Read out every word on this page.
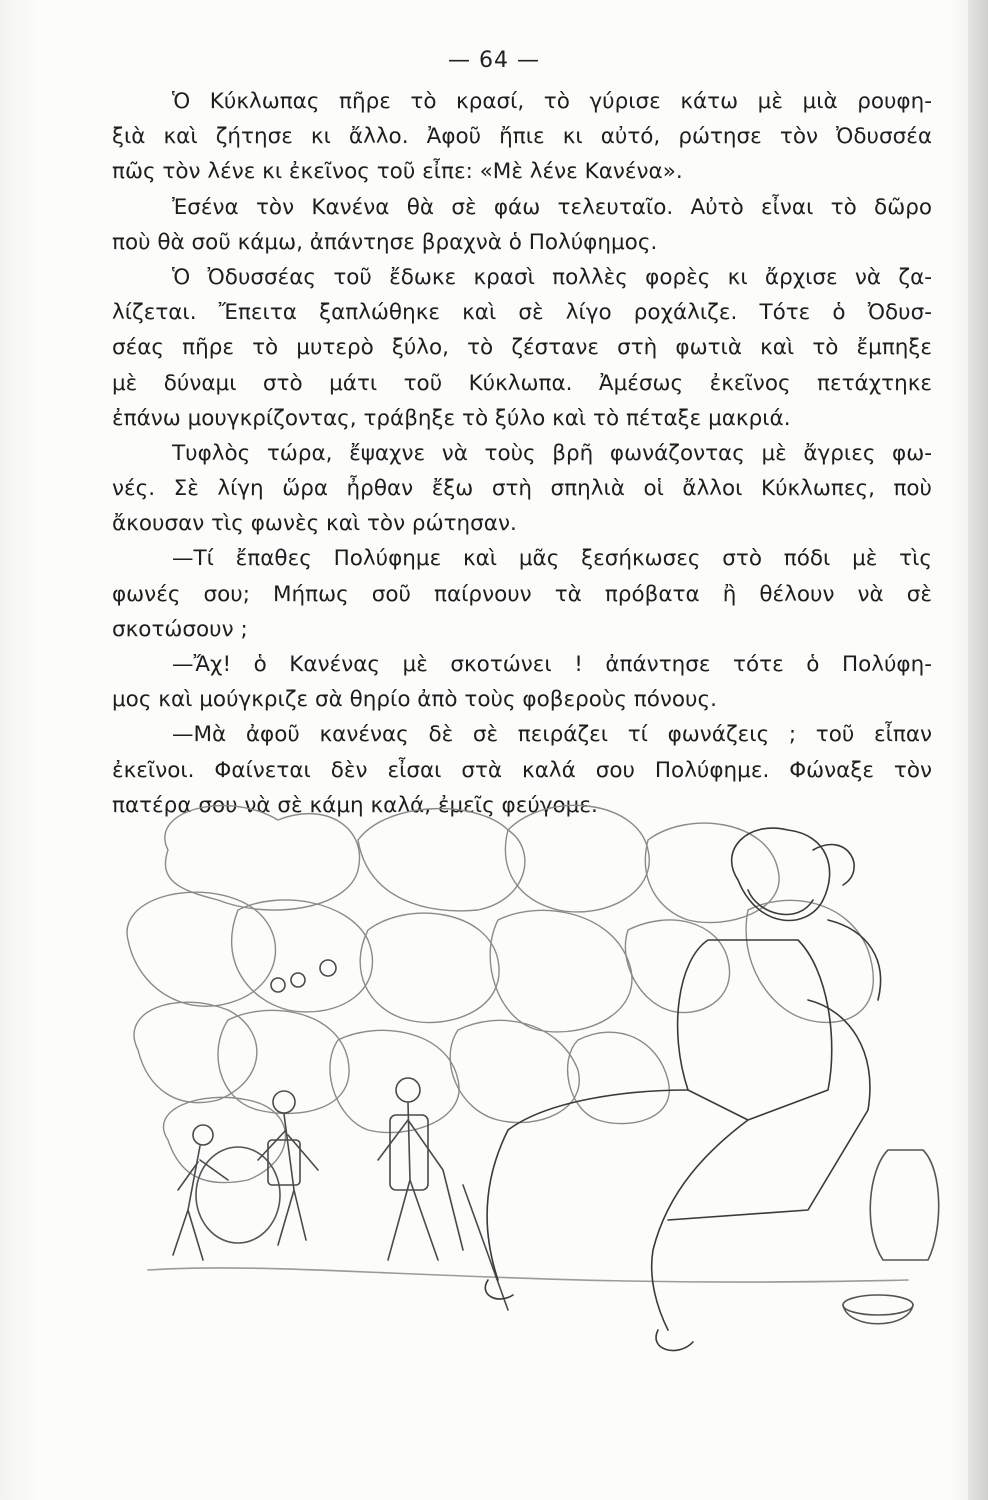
— 64 —
Ὁ Κύκλωπας πῆρε τὸ κρασί, τὸ γύρισε κάτω μὲ μιὰ ρουφη-
ξιὰ καὶ ζήτησε κι ἄλλο. Ἀφοῦ ἤπιε κι αὐτό, ρώτησε τὸν Ὀδυσσέα
πῶς τὸν λένε κι ἐκεῖνος τοῦ εἶπε: «Μὲ λένε Κανένα».
Ἐσένα τὸν Κανένα θὰ σὲ φάω τελευταῖο. Αὐτὸ εἶναι τὸ δῶρο
ποὺ θὰ σοῦ κάμω, ἀπάντησε βραχνὰ ὁ Πολύφημος.
Ὁ Ὀδυσσέας τοῦ ἔδωκε κρασὶ πολλὲς φορὲς κι ἄρχισε νὰ ζα-
λίζεται. Ἔπειτα ξαπλώθηκε καὶ σὲ λίγο ροχάλιζε. Τότε ὁ Ὀδυσ-
σέας πῆρε τὸ μυτερὸ ξύλο, τὸ ζέστανε στὴ φωτιὰ καὶ τὸ ἔμπηξε
μὲ δύναμι στὸ μάτι τοῦ Κύκλωπα. Ἀμέσως ἐκεῖνος πετάχτηκε
ἐπάνω μουγκρίζοντας, τράβηξε τὸ ξύλο καὶ τὸ πέταξε μακριά.
Τυφλὸς τώρα, ἔψαχνε νὰ τοὺς βρῆ φωνάζοντας μὲ ἄγριες φω-
νές. Σὲ λίγη ὥρα ἦρθαν ἔξω στὴ σπηλιὰ οἱ ἄλλοι Κύκλωπες, ποὺ
ἄκουσαν τὶς φωνὲς καὶ τὸν ρώτησαν.
—Τί ἔπαθες Πολύφημε καὶ μᾶς ξεσήκωσες στὸ πόδι μὲ τὶς
φωνές σου; Μήπως σοῦ παίρνουν τὰ πρόβατα ἢ θέλουν νὰ σὲ
σκοτώσουν ;
—Ἄχ! ὁ Κανένας μὲ σκοτώνει ! ἀπάντησε τότε ὁ Πολύφη-
μος καὶ μούγκριζε σὰ θηρίο ἀπὸ τοὺς φοβεροὺς πόνους.
—Μὰ ἀφοῦ κανένας δὲ σὲ πειράζει τί φωνάζεις ; τοῦ εἶπαν
ἐκεῖνοι. Φαίνεται δὲν εἶσαι στὰ καλά σου Πολύφημε. Φώναξε τὸν
πατέρα σου νὰ σὲ κάμη καλά, ἐμεῖς φεύγομε.
